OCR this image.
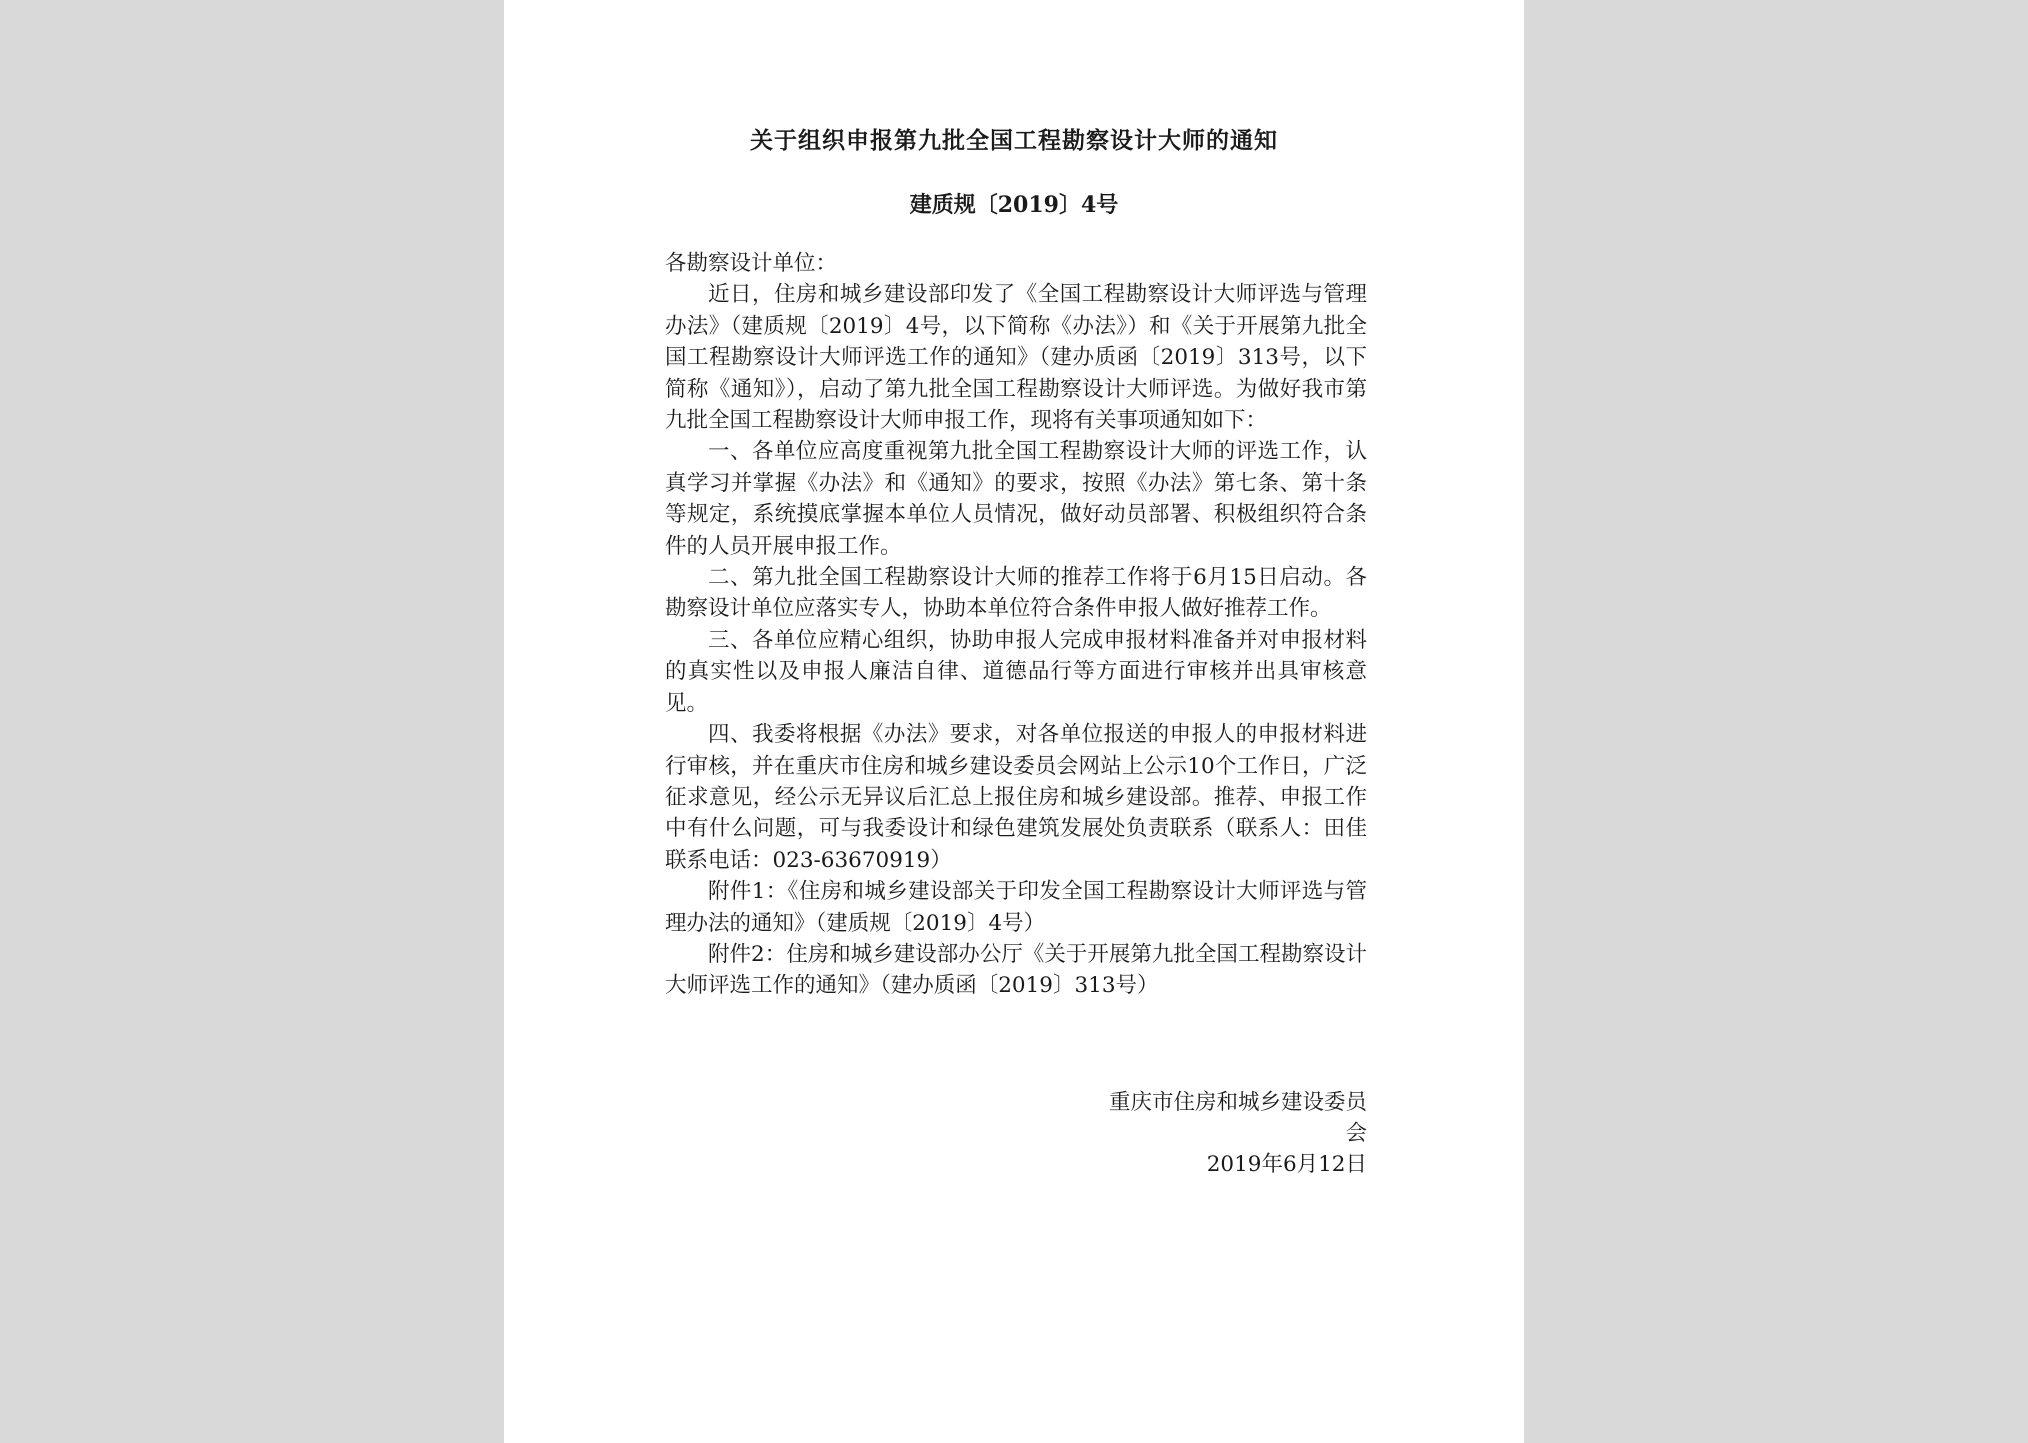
关于组织申报第九批全国工程勘察设计大师的通知
建质规〔2019〕4号

各勘察设计单位：

近日，住房和城乡建设部印发了《全国工程勘察设计大师评选与管理办法》（建质规〔2019〕4号，以下简称《办法》）和《关于开展第九批全国工程勘察设计大师评选工作的通知》（建办质函〔2019〕313号，以下简称《通知》），启动了第九批全国工程勘察设计大师评选。为做好我市第九批全国工程勘察设计大师申报工作，现将有关事项通知如下：

一、各单位应高度重视第九批全国工程勘察设计大师的评选工作，认真学习并掌握《办法》和《通知》的要求，按照《办法》第七条、第十条等规定，系统摸底掌握本单位人员情况，做好动员部署、积极组织符合条件的人员开展申报工作。

二、第九批全国工程勘察设计大师的推荐工作将于6月15日启动。各勘察设计单位应落实专人，协助本单位符合条件申报人做好推荐工作。

三、各单位应精心组织，协助申报人完成申报材料准备并对申报材料的真实性以及申报人廉洁自律、道德品行等方面进行审核并出具审核意见。

四、我委将根据《办法》要求，对各单位报送的申报人的申报材料进行审核，并在重庆市住房和城乡建设委员会网站上公示10个工作日，广泛征求意见，经公示无异议后汇总上报住房和城乡建设部。推荐、申报工作中有什么问题，可与我委设计和绿色建筑发展处负责联系（联系人：田佳 联系电话：023-63670919）

附件1：《住房和城乡建设部关于印发全国工程勘察设计大师评选与管理办法的通知》（建质规〔2019〕4号）

附件2：住房和城乡建设部办公厅《关于开展第九批全国工程勘察设计大师评选工作的通知》（建办质函〔2019〕313号）

重庆市住房和城乡建设委员会
2019年6月12日
